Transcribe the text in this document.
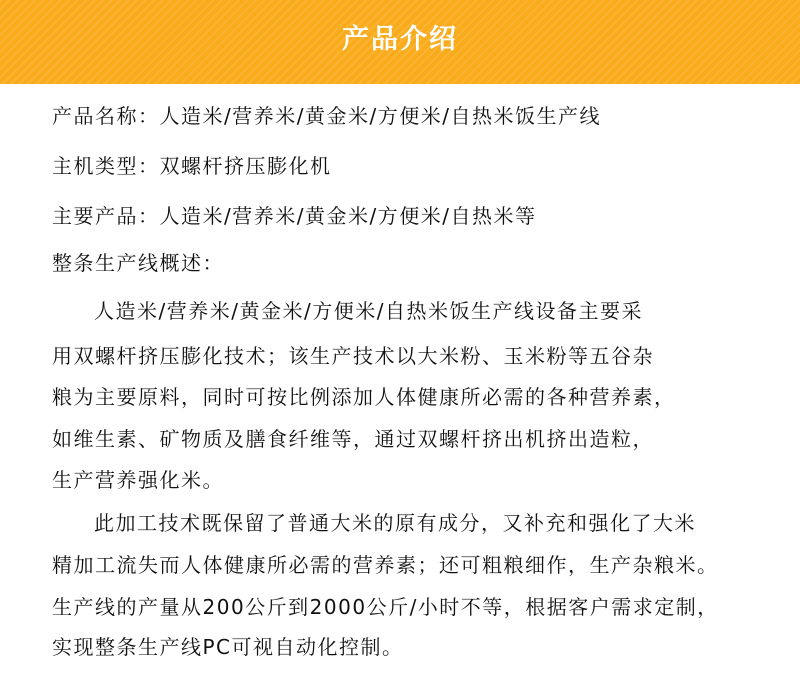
产品介绍
产品名称：人造米/营养米/黄金米/方便米/自热米饭生产线
主机类型：双螺杆挤压膨化机
主要产品：人造米/营养米/黄金米/方便米/自热米等
整条生产线概述：
人造米/营养米/黄金米/方便米/自热米饭生产线设备主要采
用双螺杆挤压膨化技术；该生产技术以大米粉、玉米粉等五谷杂
粮为主要原料，同时可按比例添加人体健康所必需的各种营养素，
如维生素、矿物质及膳食纤维等，通过双螺杆挤出机挤出造粒，
生产营养强化米。
此加工技术既保留了普通大米的原有成分，又补充和强化了大米
精加工流失而人体健康所必需的营养素；还可粗粮细作，生产杂粮米。
生产线的产量从200公斤到2000公斤/小时不等，根据客户需求定制，
实现整条生产线PC可视自动化控制。
